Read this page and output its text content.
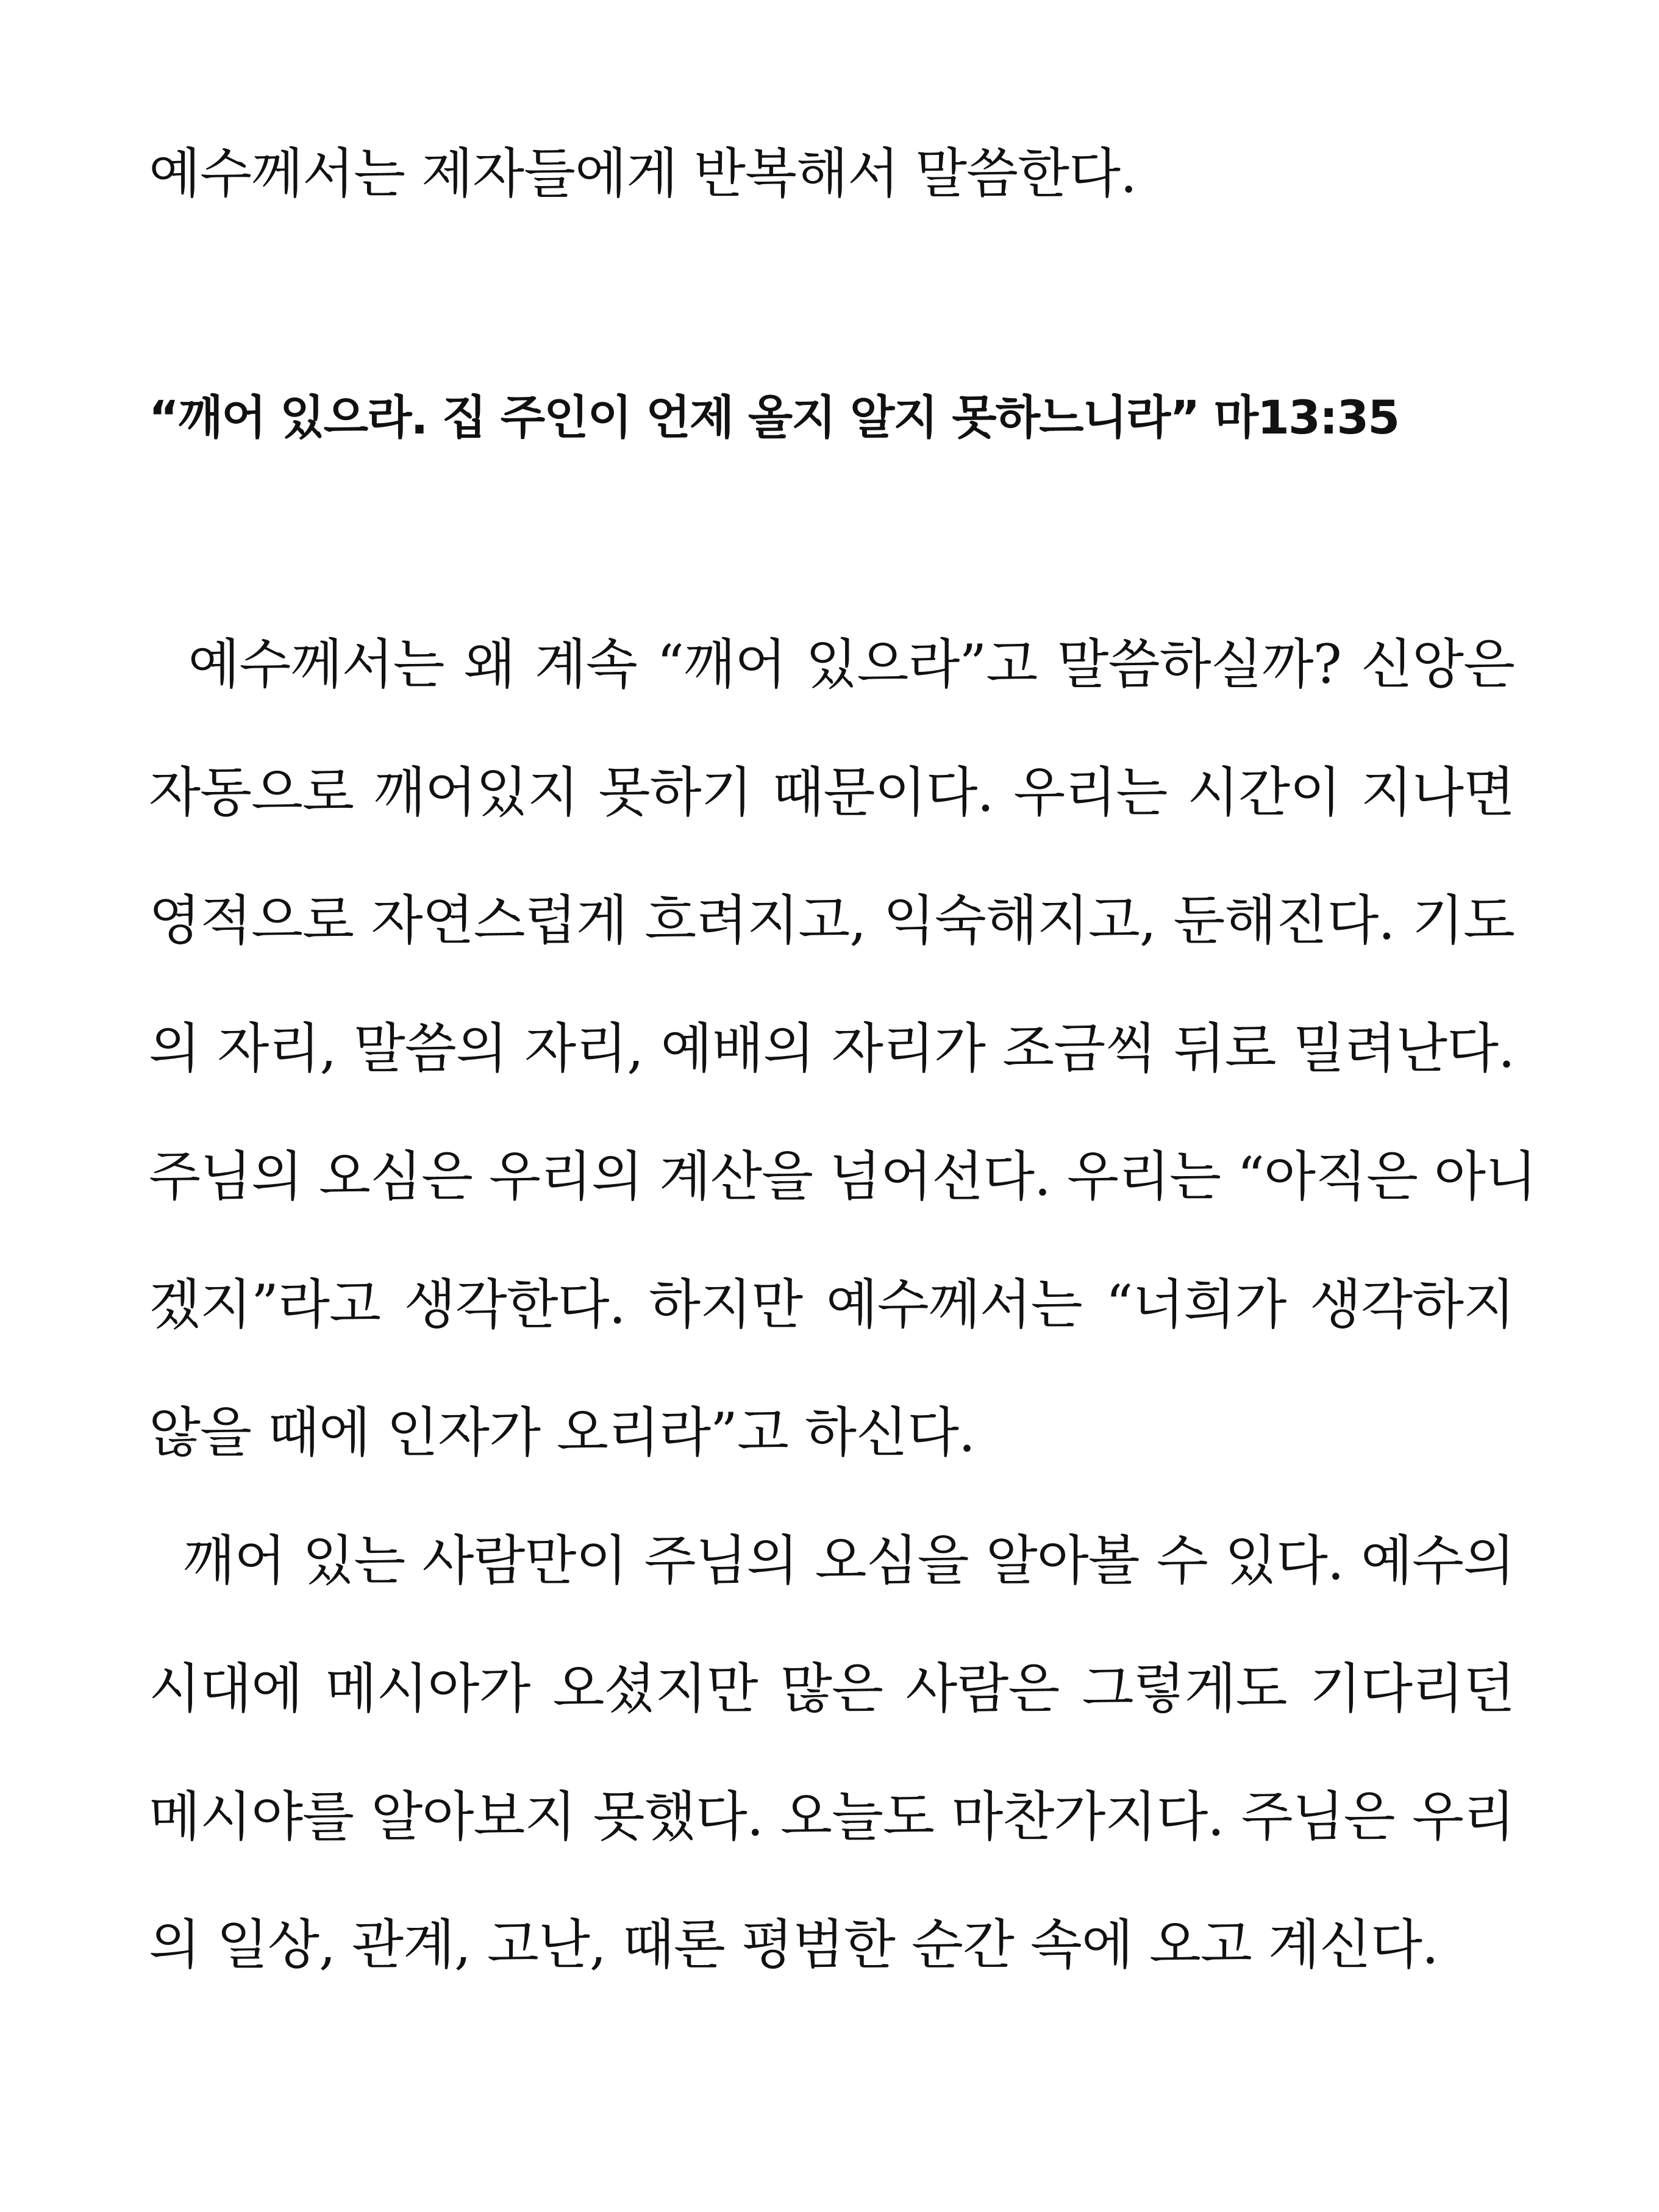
예수께서는 제자들에게 반복해서 말씀한다.
“깨어 있으라. 집 주인이 언제 올지 알지 못하느니라” 마13:35
예수께서는 왜 계속 “깨어 있으라”고 말씀하실까? 신앙은
자동으로 깨어있지 못하기 때문이다. 우리는 시간이 지나면
영적으로 자연스럽게 흐려지고, 익숙해지고, 둔해진다. 기도
의 자리, 말씀의 자리, 예배의 자리가 조금씩 뒤로 밀려난다.
주님의 오심은 우리의 계산을 넘어선다. 우리는 “아직은 아니
겠지”라고 생각한다. 하지만 예수께서는 “너희가 생각하지
않을 때에 인자가 오리라”고 하신다.
깨어 있는 사람만이 주님의 오심을 알아볼 수 있다. 예수의
시대에 메시아가 오셨지만 많은 사람은 그렇게도 기다리던
메시야를 알아보지 못했다. 오늘도 마찬가지다. 주님은 우리
의 일상, 관계, 고난, 때론 평범한 순간 속에 오고 계신다.
